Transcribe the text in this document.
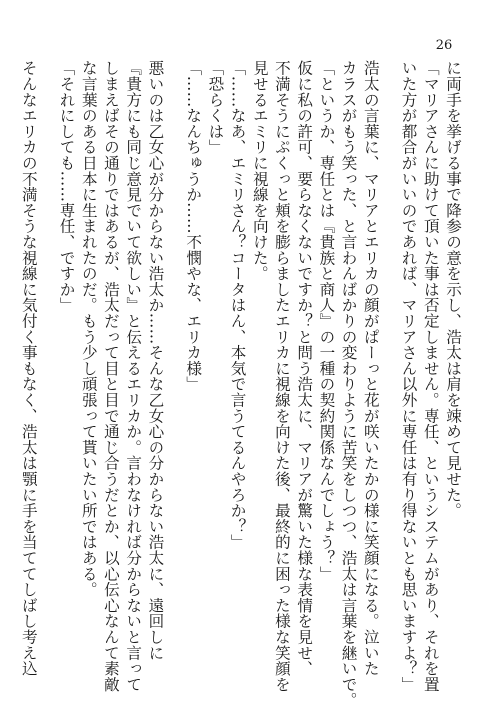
26
に両手を挙げる事で降参の意を示し、浩太は肩を竦めて見せた。
「マリアさんに助けて頂いた事は否定しません。専任、というシステムがあり、それを置
いた方が都合がいいのであれば、マリアさん以外に専任は有り得ないとも思いますよ？」
浩太の言葉に、マリアとエリカの顔がぱーっと花が咲いたかの様に笑顔になる。泣いた
カラスがもう笑った、と言わんばかりの変わりように苦笑をしつつ、浩太は言葉を継いで。
「というか、専任とは『貴族と商人』の一種の契約関係なんでしょう？」
仮に私の許可、要らなくないですか？と問う浩太に、マリアが驚いた様な表情を見せ、
不満そうにぷくっと頬を膨らましたエリカに視線を向けた後、最終的に困った様な笑顔を
見せるエミリに視線を向けた。
「……なあ、エミリさん？コータはん、本気で言うてるんやろか？」
「恐らくは」
「……なんちゅうか……不憫やな、エリカ様」
悪いのは乙女心が分からない浩太か……そんな乙女心の分からない浩太に、遠回しに
『貴方にも同じ意見でいて欲しい』と伝えるエリカか。言わなければ分からないと言って
しまえばその通りではあるが、浩太だって目と目で通じ合うだとか、以心伝心なんて素敵
な言葉のある日本に生まれたのだ。もう少し頑張って貰いたい所ではある。
「それにしても……専任、ですか」
そんなエリカの不満そうな視線に気付く事もなく、浩太は顎に手を当ててしばし考え込
